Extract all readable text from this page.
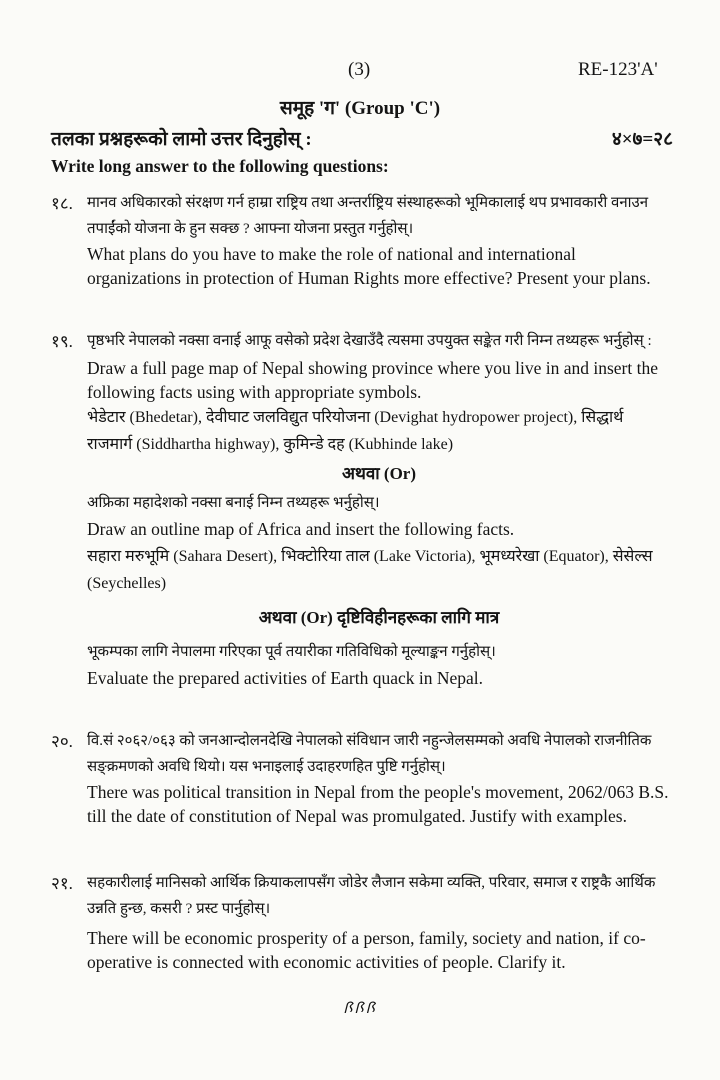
(3)	RE-123'A'
समूह 'ग' (Group 'C')
तलका प्रश्नहरूको लामो उत्तर दिनुहोस् :	४×७=२८
Write long answer to the following questions:
१८. मानव अधिकारको संरक्षण गर्न हाम्रा राष्ट्रिय तथा अन्तर्राष्ट्रिय संस्थाहरूको भूमिकालाई थप प्रभावकारी वनाउन तपाईंको योजना के हुन सक्छ ? आफ्ना योजना प्रस्तुत गर्नुहोस्।

What plans do you have to make the role of national and international organizations in protection of Human Rights more effective? Present your plans.

१९. पृष्ठभरि नेपालको नक्सा वनाई आफू वसेको प्रदेश देखाउँदै त्यसमा उपयुक्त सङ्केत गरी निम्न तथ्यहरू भर्नुहोस् :

Draw a full page map of Nepal showing province where you live in and insert the following facts using with appropriate symbols.

भेडेटार (Bhedetar), देवीघाट जलविद्युत परियोजना (Devighat hydropower project), सिद्धार्थ राजमार्ग (Siddhartha highway), कुमिन्डे दह (Kubhinde lake)

अथवा (Or)

अफ्रिका महादेशको नक्सा बनाई निम्न तथ्यहरू भर्नुहोस्।

Draw an outline map of Africa and insert the following facts.

सहारा मरुभूमि (Sahara Desert), भिक्टोरिया ताल (Lake Victoria), भूमध्यरेखा (Equator), सेसेल्स (Seychelles)

अथवा (Or) दृष्टिविहीनहरूका लागि मात्र

भूकम्पका लागि नेपालमा गरिएका पूर्व तयारीका गतिविधिको मूल्याङ्कन गर्नुहोस्।

Evaluate the prepared activities of Earth quack in Nepal.

२०. वि.सं २०६२/०६३ को जनआन्दोलनदेखि नेपालको संविधान जारी नहुन्जेलसम्मको अवधि नेपालको राजनीतिक सङ्क्रमणको अवधि थियो। यस भनाइलाई उदाहरणहित पुष्टि गर्नुहोस्।

There was political transition in Nepal from the people's movement, 2062/063 B.S. till the date of constitution of Nepal was promulgated. Justify with examples.

२१. सहकारीलाई मानिसको आर्थिक क्रियाकलापसँग जोडेर लैजान सकेमा व्यक्ति, परिवार, समाज र राष्ट्रकै आर्थिक उन्नति हुन्छ, कसरी ? प्रस्ट पार्नुहोस्।

There will be economic prosperity of a person, family, society and nation, if co-operative is connected with economic activities of people. Clarify it.

ꟗꟗꟗ
